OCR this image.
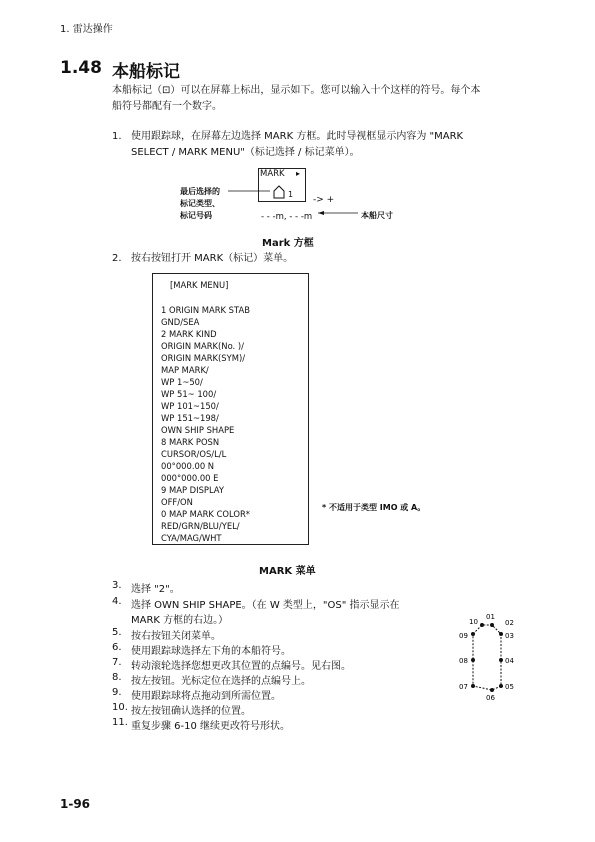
1. 雷达操作
1.48 本船标记
本船标记（⊡）可以在屏幕上标出，显示如下。您可以输入十个这样的符号。每个本
船符号都配有一个数字。
1. 使用跟踪球，在屏幕左边选择 MARK 方框。此时导视框显示内容为 "MARK
SELECT / MARK MENU"（标记选择 / 标记菜单）。
MARK ▸
1
-> +
- - -m, - - -m
最后选择的
标记类型、
标记号码	本船尺寸
Mark 方框
2. 按右按钮打开 MARK（标记）菜单。
[MARK MENU]
1 ORIGIN MARK STAB
GND/SEA
2 MARK KIND
ORIGIN MARK(No. )/
ORIGIN MARK(SYM)/
MAP MARK/
WP 1~50/
WP 51~ 100/
WP 101~150/
WP 151~198/
OWN SHIP SHAPE
8 MARK POSN
CURSOR/OS/L/L
00°000.00 N
000°000.00 E
9 MAP DISPLAY
OFF/ON
0 MAP MARK COLOR*
RED/GRN/BLU/YEL/
CYA/MAG/WHT
* 不适用于类型 IMO 或 A。
MARK 菜单
3. 选择 "2"。
4. 选择 OWN SHIP SHAPE。（在 W 类型上，"OS" 指示显示在
MARK 方框的右边。）
5. 按右按钮关闭菜单。
6. 使用跟踪球选择左下角的本船符号。
7. 转动滚轮选择您想更改其位置的点编号。见右图。
8. 按左按钮。光标定位在选择的点编号上。
9. 使用跟踪球将点拖动到所需位置。
10. 按左按钮确认选择的位置。
11. 重复步骤 6-10 继续更改符号形状。
10
01
02
09	03
08	04
07	05
06
1-96
